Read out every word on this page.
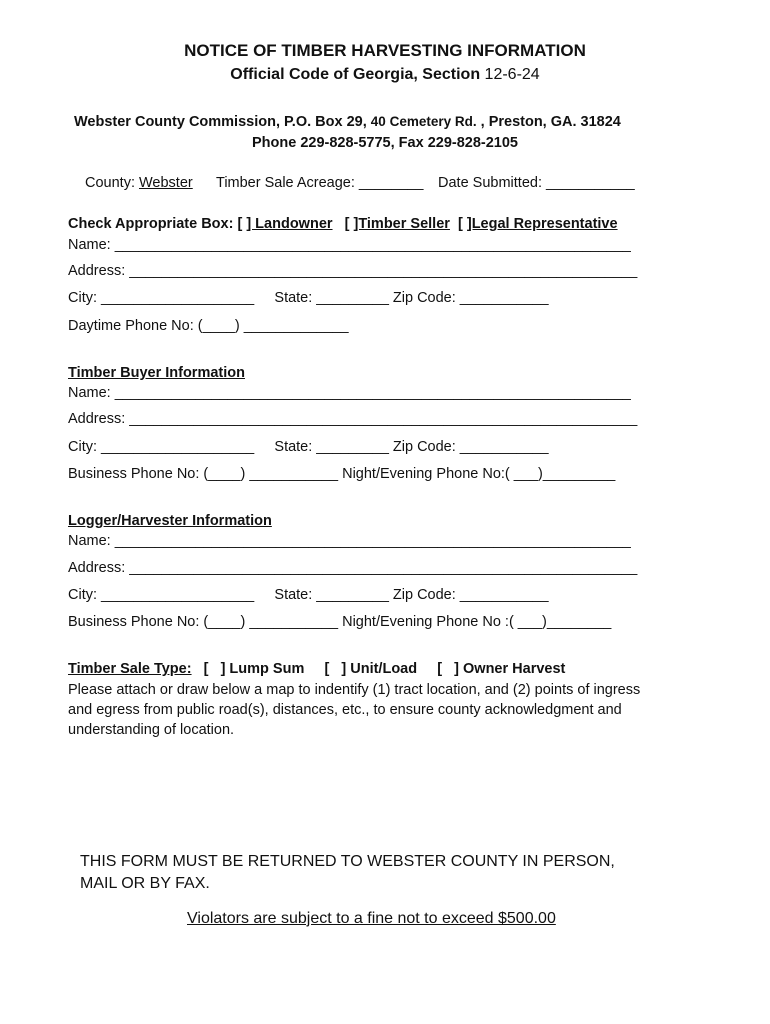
NOTICE OF TIMBER HARVESTING INFORMATION
Official Code of Georgia, Section 12-6-24
Webster County Commission, P.O. Box 29, 40 Cemetery Rd. , Preston, GA. 31824
Phone 229-828-5775, Fax 229-828-2105
County: Webster Timber Sale Acreage: ________ Date Submitted: ___________
Check Appropriate Box: [ ] Landowner   [ ]Timber Seller  [ ]Legal Representative
Name: ________________________________________________________________
Address: _______________________________________________________________
City: ___________________     State: _________ Zip Code: ___________
Daytime Phone No: (____) _____________
Timber Buyer Information
Name: ________________________________________________________________
Address: _______________________________________________________________
City: ___________________     State: _________ Zip Code: ___________
Business Phone No: (____) ___________ Night/Evening Phone No:( ___)_________
Logger/Harvester Information
Name: ________________________________________________________________
Address: _______________________________________________________________
City: ___________________     State: _________ Zip Code: ___________
Business Phone No: (____) ___________ Night/Evening Phone No :( ___)________
Timber Sale Type:   [   ] Lump Sum     [   ] Unit/Load     [   ] Owner Harvest
Please attach or draw below a map to indentify (1) tract location, and (2) points of ingress
and egress from public road(s), distances, etc., to ensure county acknowledgment and
understanding of location.
THIS FORM MUST BE RETURNED TO WEBSTER COUNTY IN PERSON,
MAIL OR BY FAX.
Violators are subject to a fine not to exceed $500.00
